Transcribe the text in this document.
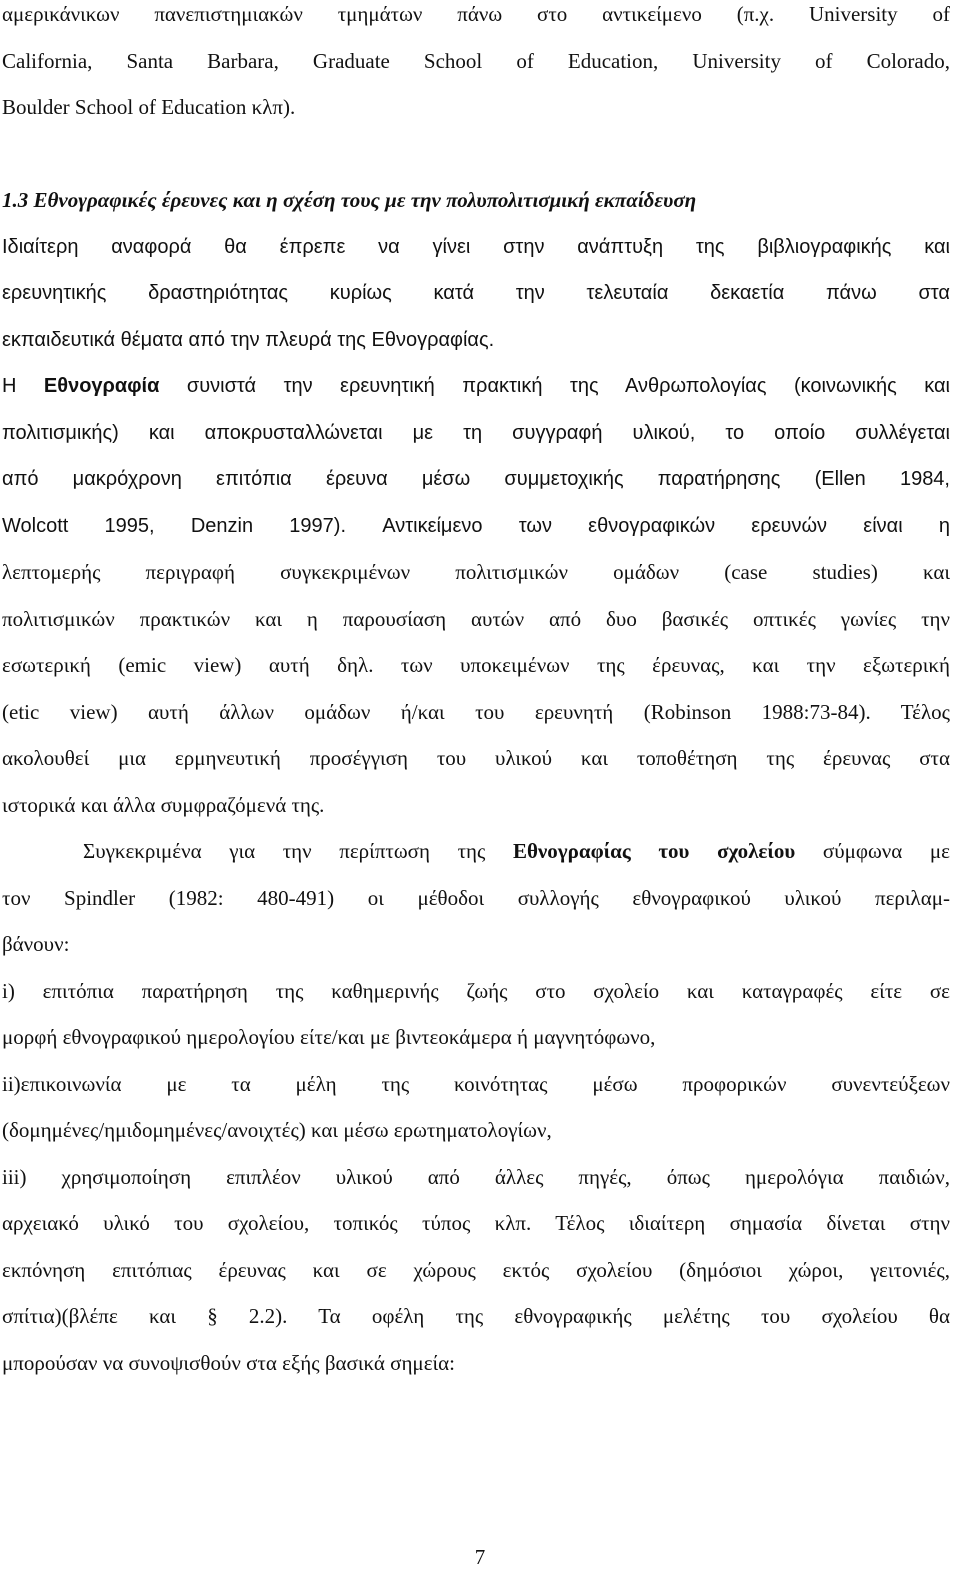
αμερικάνικων πανεπιστημιακών τμημάτων πάνω στο αντικείμενο (π.χ. University of

California, Santa Barbara, Graduate School of Education, University of Colorado,

Boulder School of Education κλπ).

1.3 Εθνογραφικές έρευνες και η σχέση τους με την πολυπολιτισμική εκπαίδευση

Ιδιαίτερη αναφορά θα έπρεπε να γίνει στην ανάπτυξη της βιβλιογραφικής και

ερευνητικής δραστηριότητας κυρίως κατά την τελευταία δεκαετία πάνω στα

εκπαιδευτικά θέματα από την πλευρά της Εθνογραφίας.

Η Εθνογραφία συνιστά την ερευνητική πρακτική της Ανθρωπολογίας (κοινωνικής και

πολιτισμικής) και αποκρυσταλλώνεται με τη συγγραφή υλικού, το οποίο συλλέγεται

από μακρόχρονη επιτόπια έρευνα μέσω συμμετοχικής παρατήρησης (Ellen 1984,

Wolcott 1995, Denzin 1997). Αντικείμενο των εθνογραφικών ερευνών είναι η

λεπτομερής περιγραφή συγκεκριμένων πολιτισμικών ομάδων (case studies) και

πολιτισμικών πρακτικών και η παρουσίαση αυτών από δυο βασικές οπτικές γωνίες την

εσωτερική (emic view) αυτή δηλ. των υποκειμένων της έρευνας, και την εξωτερική

(etic view) αυτή άλλων ομάδων ή/και του ερευνητή (Robinson 1988:73-84). Τέλος

ακολουθεί μια ερμηνευτική προσέγγιση του υλικού και τοποθέτηση της έρευνας στα

ιστορικά και άλλα συμφραζόμενά της.

Συγκεκριμένα για την περίπτωση της Εθνογραφίας του σχολείου σύμφωνα με

τον Spindler (1982: 480-491) οι μέθοδοι συλλογής εθνογραφικού υλικού περιλαμ-

βάνουν:

i) επιτόπια παρατήρηση της καθημερινής ζωής στο σχολείο και καταγραφές είτε σε

μορφή εθνογραφικού ημερολογίου είτε/και με βιντεοκάμερα ή μαγνητόφωνο,

ii)επικοινωνία με τα μέλη της κοινότητας μέσω προφορικών συνεντεύξεων

(δομημένες/ημιδομημένες/ανοιχτές) και μέσω ερωτηματολογίων,

iii) χρησιμοποίηση επιπλέον υλικού από άλλες πηγές, όπως ημερολόγια παιδιών,

αρχειακό υλικό του σχολείου, τοπικός τύπος κλπ. Τέλος ιδιαίτερη σημασία δίνεται στην

εκπόνηση επιτόπιας έρευνας και σε χώρους εκτός σχολείου (δημόσιοι χώροι, γειτονιές,

σπίτια)(βλέπε και § 2.2). Τα οφέλη της εθνογραφικής μελέτης του σχολείου θα

μπορούσαν να συνοψισθούν στα εξής βασικά σημεία:

7
